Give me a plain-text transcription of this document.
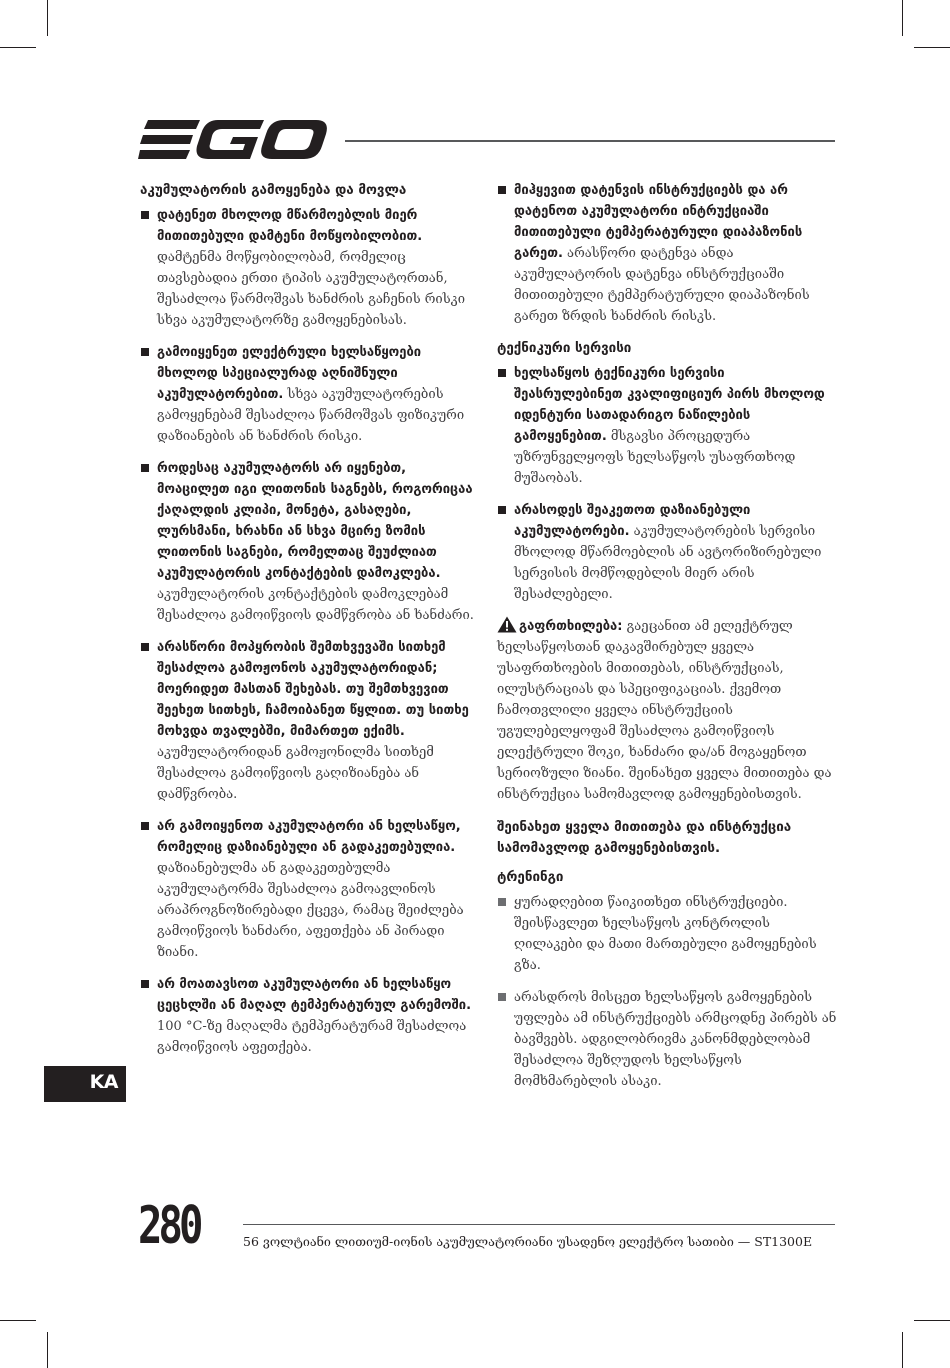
აკუმულატორის გამოყენება და მოვლა
დატენეთ მხოლოდ მწარმოებლის მიერ მითითებული დამტენი მოწყობილობით. დამტენმა მოწყობილობამ, რომელიც თავსებადია ერთი ტიპის აკუმულატორთან, შესაძლოა წარმოშვას ხანძრის გაჩენის რისკი სხვა აკუმულატორზე გამოყენებისას.
გამოიყენეთ ელექტრული ხელსაწყოები მხოლოდ სპეციალურად აღნიშნული აკუმულატორებით. სხვა აკუმულატორების გამოყენებამ შესაძლოა წარმოშვას ფიზიკური დაზიანების ან ხანძრის რისკი.
როდესაც აკუმულატორს არ იყენებთ, მოაცილეთ იგი ლითონის საგნებს, როგორიცაა ქაღალდის კლიპი, მონეტა, გასაღები, ლურსმანი, ხრახნი ან სხვა მცირე ზომის ლითონის საგნები, რომელთაც შეუძლიათ აკუმულატორის კონტაქტების დამოკლება. აკუმულატორის კონტაქტების დამოკლებამ შესაძლოა გამოიწვიოს დამწვრობა ან ხანძარი.
არასწორი მოპყრობის შემთხვევაში სითხემ შესაძლოა გამოჟონოს აკუმულატორიდან; მოერიდეთ მასთან შეხებას. თუ შემთხვევით შეეხეთ სითხეს, ჩამოიბანეთ წყლით. თუ სითხე მოხვდა თვალებში, მიმართეთ ექიმს. აკუმულატორიდან გამოჟონილმა სითხემ შესაძლოა გამოიწვიოს გაღიზიანება ან დამწვრობა.
არ გამოიყენოთ აკუმულატორი ან ხელსაწყო, რომელიც დაზიანებული ან გადაკეთებულია. დაზიანებულმა ან გადაკეთებულმა აკუმულატორმა შესაძლოა გამოავლინოს არაპროგნოზირებადი ქცევა, რამაც შეიძლება გამოიწვიოს ხანძარი, აფეთქება ან პირადი ზიანი.
არ მოათავსოთ აკუმულატორი ან ხელსაწყო ცეცხლში ან მაღალ ტემპერატურულ გარემოში. 100 °C-ზე მაღალმა ტემპერატურამ შესაძლოა გამოიწვიოს აფეთქება.
მიჰყევით დატენვის ინსტრუქციებს და არ დატენოთ აკუმულატორი ინტრუქციაში მითითებული ტემპერატურული დიაპაზონის გარეთ. არასწორი დატენვა ანდა აკუმულატორის დატენვა ინსტრუქციაში მითითებული ტემპერატურული დიაპაზონის გარეთ ზრდის ხანძრის რისკს.
ტექნიკური სერვისი
ხელსაწყოს ტექნიკური სერვისი შეასრულებინეთ კვალიფიციურ პირს მხოლოდ იდენტური სათადარიგო ნაწილების გამოყენებით. მსგავსი პროცედურა უზრუნველყოფს ხელსაწყოს უსაფრთხოდ მუშაობას.
არასოდეს შეაკეთოთ დაზიანებული აკუმულატორები. აკუმულატორების სერვისი მხოლოდ მწარმოებლის ან ავტორიზირებული სერვისის მომწოდებლის მიერ არის შესაძლებელი.
გაფრთხილება: გაეცანით ამ ელექტრულ ხელსაწყოსთან დაკავშირებულ ყველა უსაფრთხოების მითითებას, ინსტრუქციას, ილუსტრაციას და სპეციფიკაციას. ქვემოთ ჩამოთვლილი ყველა ინსტრუქციის უგულებელყოფამ შესაძლოა გამოიწვიოს ელექტრული შოკი, ხანძარი და/ან მოგაყენოთ სერიოზული ზიანი. შეინახეთ ყველა მითითება და ინსტრუქცია სამომავლოდ გამოყენებისთვის.
შეინახეთ ყველა მითითება და ინსტრუქცია სამომავლოდ გამოყენებისთვის.
ტრენინგი
ყურადღებით წაიკითხეთ ინსტრუქციები. შეისწავლეთ ხელსაწყოს კონტროლის ღილაკები და მათი მართებული გამოყენების გზა.
არასდროს მისცეთ ხელსაწყოს გამოყენების უფლება ამ ინსტრუქციებს არმცოდნე პირებს ან ბავშვებს. ადგილობრივმა კანონმდებლობამ შესაძლოა შეზღუდოს ხელსაწყოს მომხმარებლის ასაკი.
KA
280	56 ვოლტიანი ლითიუმ-იონის აკუმულატორიანი უსადენო ელექტრო სათიბი — ST1300E
